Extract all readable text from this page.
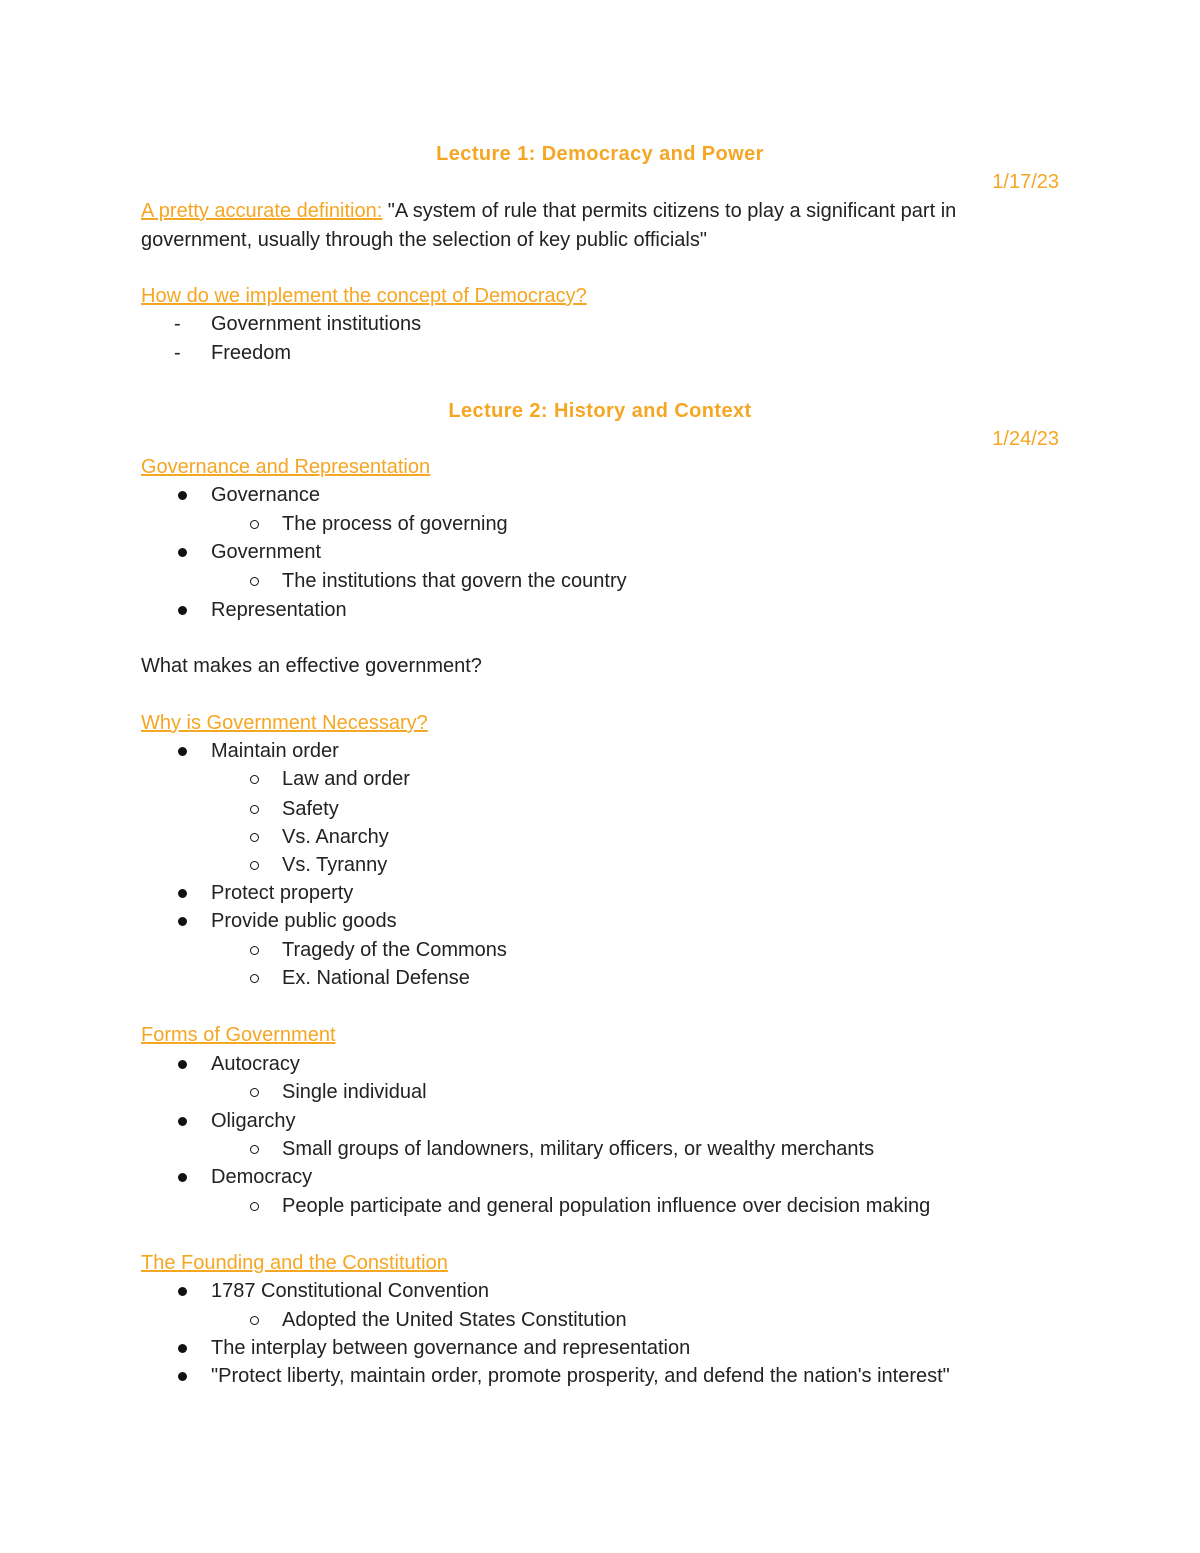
Lecture 1: Democracy and Power
1/17/23
A pretty accurate definition: "A system of rule that permits citizens to play a significant part in
government, usually through the selection of key public officials"
How do we implement the concept of Democracy?
- Government institutions
- Freedom
Lecture 2: History and Context
1/24/23
Governance and Representation
Governance
The process of governing
Government
The institutions that govern the country
Representation
What makes an effective government?
Why is Government Necessary?
Maintain order
Law and order
Safety
Vs. Anarchy
Vs. Tyranny
Protect property
Provide public goods
Tragedy of the Commons
Ex. National Defense
Forms of Government
Autocracy
Single individual
Oligarchy
Small groups of landowners, military officers, or wealthy merchants
Democracy
People participate and general population influence over decision making
The Founding and the Constitution
1787 Constitutional Convention
Adopted the United States Constitution
The interplay between governance and representation
"Protect liberty, maintain order, promote prosperity, and defend the nation's interest"
